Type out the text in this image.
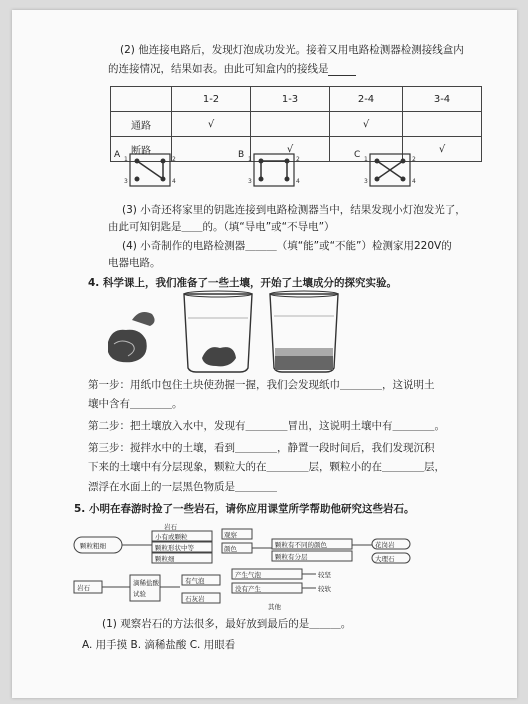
(2) 他连接电路后，发现灯泡成功发光。接着又用电路检测器检测接线盒内
的连接情况，结果如表。由此可知盒内的接线是
	1-2	1-3	2-4	3-4
通路	√		√	
断路		√		√
A 1	2
3	4
B 1	2
3	4
C 1	2
3	4
(3) 小奇还将家里的钥匙连接到电路检测器当中，结果发现小灯泡发光了，
由此可知钥匙是＿＿的。（填“导电”或“不导电”）
(4) 小奇制作的电路检测器＿＿＿（填“能”或“不能”）检测家用220V的
电器电路。
4. 科学课上，我们准备了一些土壤，开始了土壤成分的探究实验。
第一步：用纸巾包住土块使劲握一握，我们会发现纸巾＿＿＿＿，这说明土
壤中含有＿＿＿＿。
第二步：把土壤放入水中，发现有＿＿＿＿冒出，这说明土壤中有＿＿＿＿。
第三步：搅拌水中的土壤，看到＿＿＿＿，静置一段时间后，我们发现沉积
下来的土壤中有分层现象，颗粒大的在＿＿＿＿层，颗粒小的在＿＿＿＿层，
漂浮在水面上的一层黑色物质是＿＿＿＿
5. 小明在春游时捡了一些岩石，请你应用课堂所学帮助他研究这些岩石。
岩石
颗粒粗细
小有或颗粒
颗粒形状中等
颗粒细
观察
颜色	颗粒有不同的颜色
颗粒有分层
花岗岩
大理石
岩石
滴稀盐酸
试验
有气泡
产生气泡
没有产生
石灰岩
较坚
较软
其他
(1) 观察岩石的方法很多，最好放到最后的是＿＿＿。
A. 用手摸 B. 滴稀盐酸 C. 用眼看
